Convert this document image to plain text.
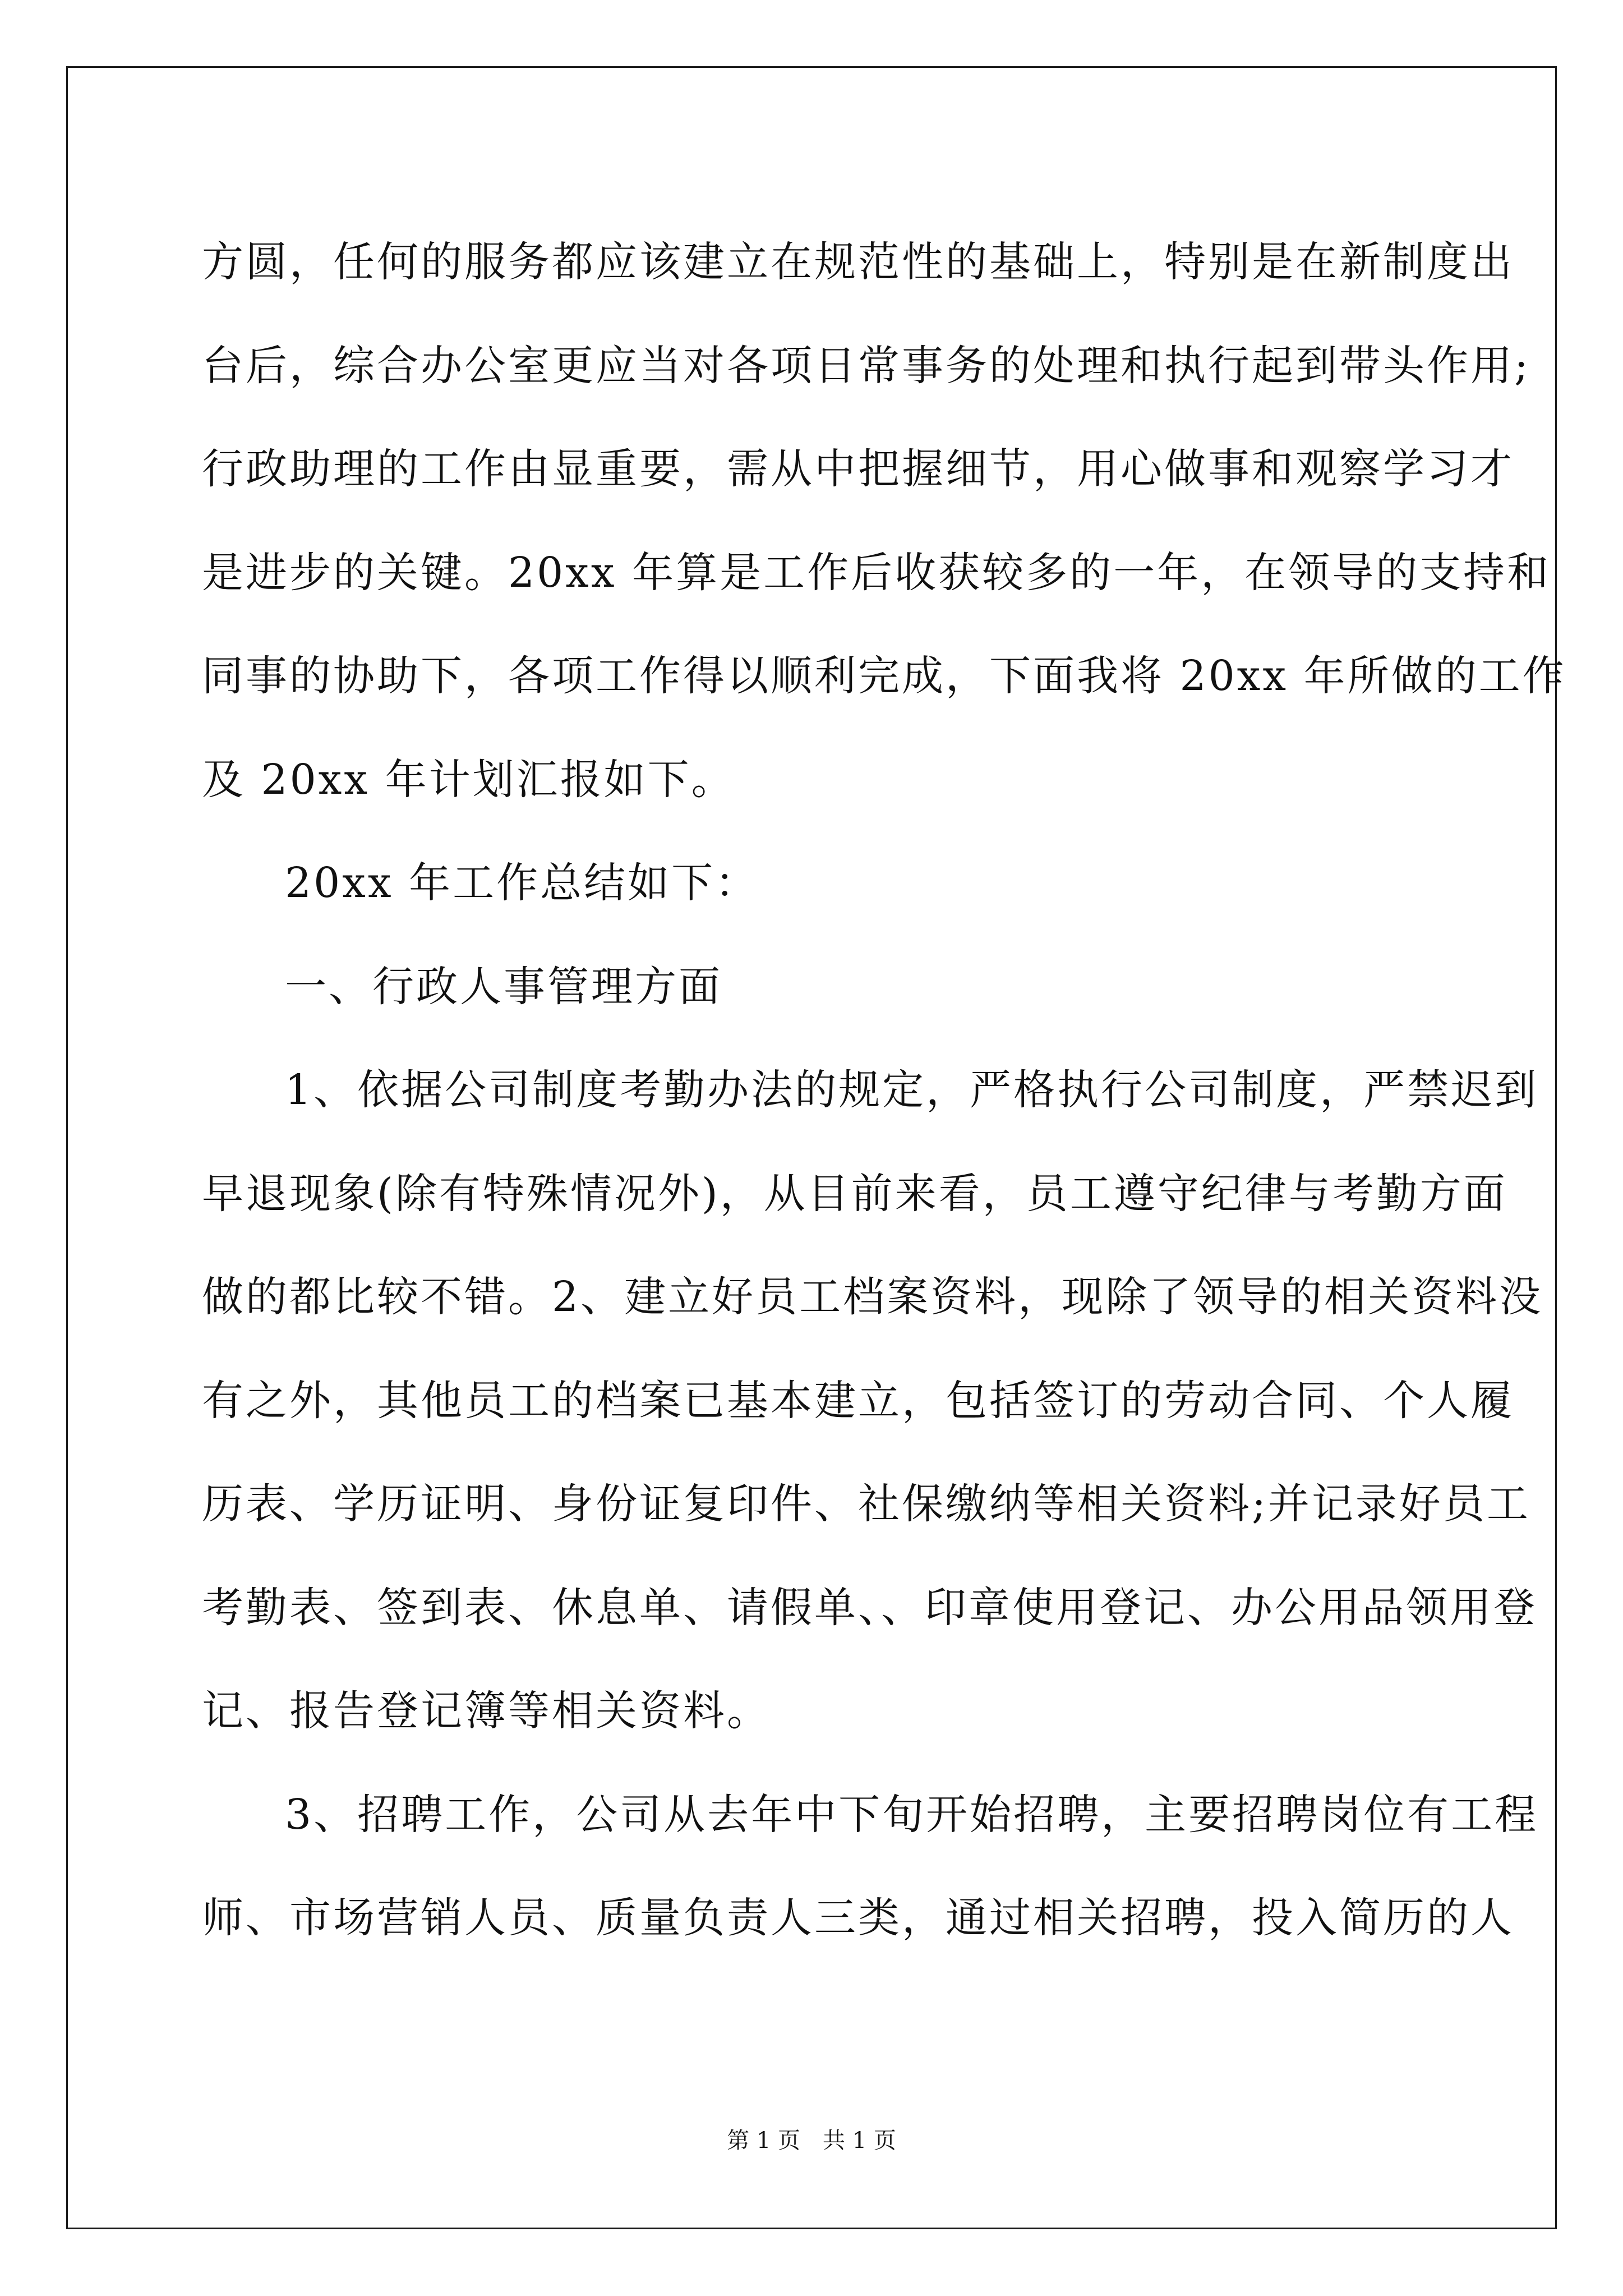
方圆，任何的服务都应该建立在规范性的基础上，特别是在新制度出
台后，综合办公室更应当对各项日常事务的处理和执行起到带头作用;
行政助理的工作由显重要，需从中把握细节，用心做事和观察学习才
是进步的关键。20xx 年算是工作后收获较多的一年，在领导的支持和
同事的协助下，各项工作得以顺利完成，下面我将 20xx 年所做的工作
及 20xx 年计划汇报如下。
20xx 年工作总结如下：
一、行政人事管理方面
1、依据公司制度考勤办法的规定，严格执行公司制度，严禁迟到
早退现象(除有特殊情况外)，从目前来看，员工遵守纪律与考勤方面
做的都比较不错。2、建立好员工档案资料，现除了领导的相关资料没
有之外，其他员工的档案已基本建立，包括签订的劳动合同、个人履
历表、学历证明、身份证复印件、社保缴纳等相关资料;并记录好员工
考勤表、签到表、休息单、请假单、、印章使用登记、办公用品领用登
记、报告登记簿等相关资料。
3、招聘工作，公司从去年中下旬开始招聘，主要招聘岗位有工程
师、市场营销人员、质量负责人三类，通过相关招聘，投入简历的人
第 1 页　共 1 页
